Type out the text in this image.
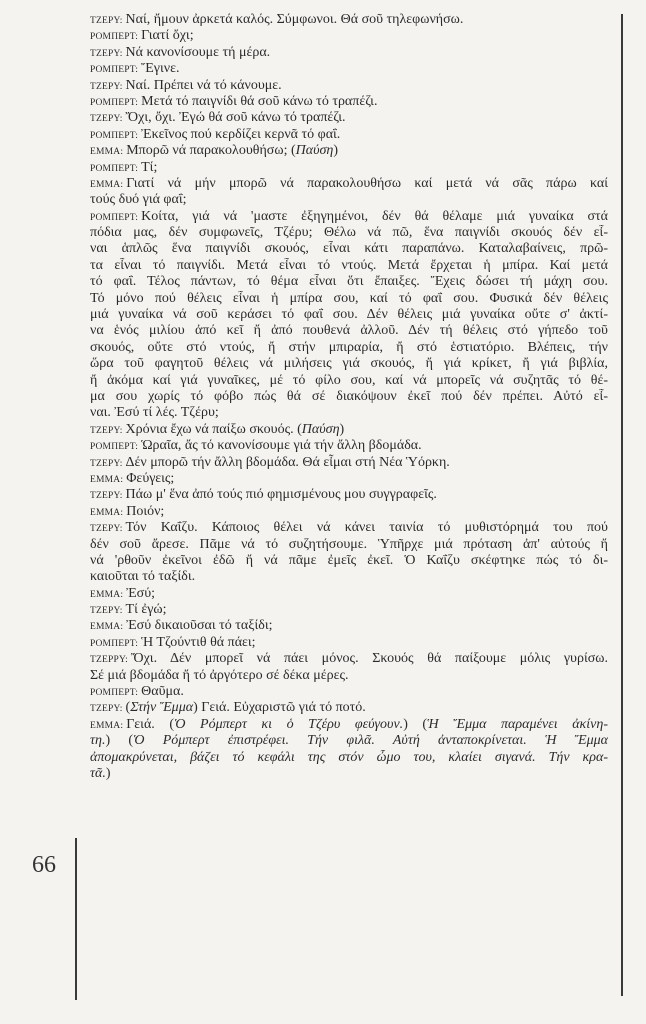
ΤΖΕΡΥ: Ναί, ἤμουν ἀρκετά καλός. Σύμφωνοι. Θά σοῦ τηλεφωνήσω.
ΡΟΜΠΕΡΤ: Γιατί ὄχι;
ΤΖΕΡΥ: Νά κανονίσουμε τή μέρα.
ΡΟΜΠΕΡΤ: Ἔγινε.
ΤΖΕΡΥ: Ναί. Πρέπει νά τό κάνουμε.
ΡΟΜΠΕΡΤ: Μετά τό παιγνίδι θά σοῦ κάνω τό τραπέζι.
ΤΖΕΡΥ: Ὄχι, ὄχι. Ἐγώ θά σοῦ κάνω τό τραπέζι.
ΡΟΜΠΕΡΤ: Ἐκεῖνος πού κερδίζει κερνᾶ τό φαΐ.
ΕΜΜΑ: Μπορῶ νά παρακολουθήσω; (Παύση)
ΡΟΜΠΕΡΤ: Τί;
ΕΜΜΑ: Γιατί νά μήν μπορῶ νά παρακολουθήσω καί μετά νά σᾶς πάρω καί
τούς δυό γιά φαΐ;
ΡΟΜΠΕΡΤ: Κοίτα, γιά νά 'μαστε ἐξηγημένοι, δέν θά θέλαμε μιά γυναίκα στά
πόδια μας, δέν συμφωνεῖς, Τζέρυ; Θέλω νά πῶ, ἕνα παιγνίδι σκουός δέν εἶ-
ναι ἁπλῶς ἕνα παιγνίδι σκουός, εἶναι κάτι παραπάνω. Καταλαβαίνεις, πρῶ-
τα εἶναι τό παιγνίδι. Μετά εἶναι τό ντούς. Μετά ἔρχεται ἡ μπίρα. Καί μετά
τό φαΐ. Τέλος πάντων, τό θέμα εἶναι ὅτι ἔπαιξες. Ἔχεις δώσει τή μάχη σου.
Τό μόνο πού θέλεις εἶναι ἡ μπίρα σου, καί τό φαΐ σου. Φυσικά δέν θέλεις
μιά γυναίκα νά σοῦ κεράσει τό φαΐ σου. Δέν θέλεις μιά γυναίκα οὔτε σ' ἀκτί-
να ἑνός μιλίου ἀπό κεῖ ἤ ἀπό πουθενά ἀλλοῦ. Δέν τή θέλεις στό γήπεδο τοῦ
σκουός, οὔτε στό ντούς, ἤ στήν μπιραρία, ἤ στό ἑστιατόριο. Βλέπεις, τήν
ὥρα τοῦ φαγητοῦ θέλεις νά μιλήσεις γιά σκουός, ἤ γιά κρίκετ, ἤ γιά βιβλία,
ἤ ἀκόμα καί γιά γυναῖκες, μέ τό φίλο σου, καί νά μπορεῖς νά συζητᾶς τό θέ-
μα σου χωρίς τό φόβο πώς θά σέ διακόψουν ἐκεῖ πού δέν πρέπει. Αὐτό εἶ-
ναι. Ἐσύ τί λές. Τζέρυ;
ΤΖΕΡΥ: Χρόνια ἔχω νά παίξω σκουός. (Παύση)
ΡΟΜΠΕΡΤ: Ὡραῖα, ἄς τό κανονίσουμε γιά τήν ἄλλη βδομάδα.
ΤΖΕΡΥ: Δέν μπορῶ τήν ἄλλη βδομάδα. Θά εἶμαι στή Νέα Ὑόρκη.
ΕΜΜΑ: Φεύγεις;
ΤΖΕΡΥ: Πάω μ' ἕνα ἀπό τούς πιό φημισμένους μου συγγραφεῖς.
ΕΜΜΑ: Ποιόν;
ΤΖΕΡΥ: Τόν Καΐζυ. Κάποιος θέλει νά κάνει ταινία τό μυθιστόρημά του πού
δέν σοῦ ἄρεσε. Πᾶμε νά τό συζητήσουμε. Ὑπῆρχε μιά πρόταση ἀπ' αὐτούς ἤ
νά 'ρθοῦν ἐκεῖνοι ἐδῶ ἤ νά πᾶμε ἐμεῖς ἐκεῖ. Ὁ Καΐζυ σκέφτηκε πώς τό δι-
καιοῦται τό ταξίδι.
ΕΜΜΑ: Ἐσύ;
ΤΖΕΡΥ: Τί ἐγώ;
ΕΜΜΑ: Ἐσύ δικαιοῦσαι τό ταξίδι;
ΡΟΜΠΕΡΤ: Ἡ Τζούντιθ θά πάει;
ΤΖΕΡΡΥ: Ὄχι. Δέν μπορεῖ νά πάει μόνος. Σκουός θά παίξουμε μόλις γυρίσω.
Σέ μιά βδομάδα ἤ τό ἀργότερο σέ δέκα μέρες.
ΡΟΜΠΕΡΤ: Θαῦμα.
ΤΖΕΡΥ: (Στήν Ἔμμα) Γειά. Εὐχαριστῶ γιά τό ποτό.
ΕΜΜΑ: Γειά. (Ὁ Ρόμπερτ κι ὁ Τζέρυ φεύγουν.) (Ἡ Ἔμμα παραμένει ἀκίνη-
τη.) (Ὁ Ρόμπερτ ἐπιστρέφει. Τήν φιλᾶ. Αὐτή ἀνταποκρίνεται. Ἡ Ἔμμα
ἀπομακρύνεται, βάζει τό κεφάλι της στόν ὦμο του, κλαίει σιγανά. Τήν κρα-
τᾶ.)
66
